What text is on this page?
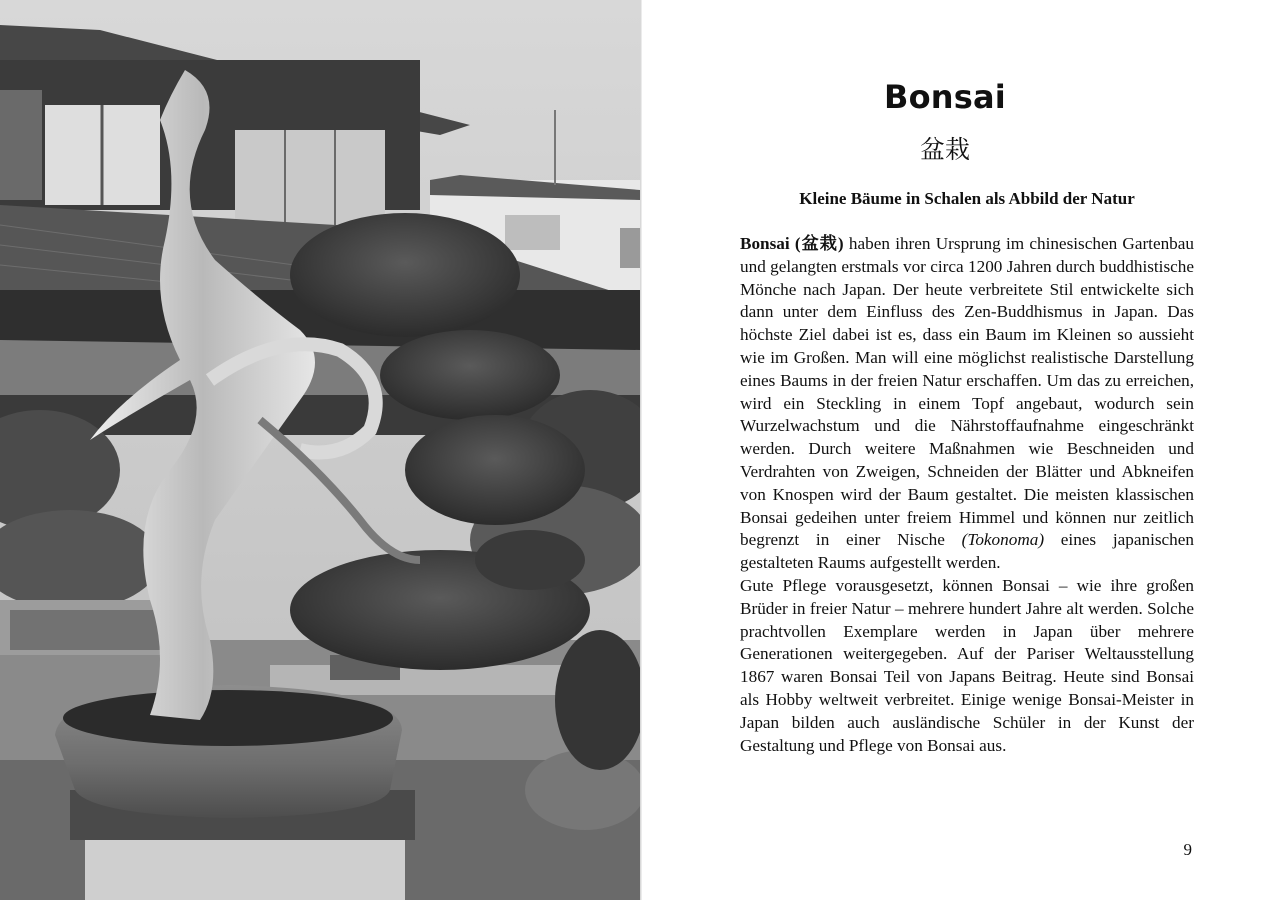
Bonsai
盆栽
Kleine Bäume in Schalen als Abbild der Natur

Bonsai (盆栽) haben ihren Ursprung im chinesischen Gartenbau und gelangten erstmals vor circa 1200 Jahren durch buddhistische Mönche nach Japan. Der heute verbreitete Stil entwickelte sich dann unter dem Einfluss des Zen-Buddhismus in Japan. Das höchste Ziel dabei ist es, dass ein Baum im Kleinen so aussieht wie im Großen. Man will eine möglichst realistische Darstellung eines Baums in der freien Natur erschaffen. Um das zu erreichen, wird ein Steckling in einem Topf angebaut, wodurch sein Wurzelwachstum und die Nährstoffaufnahme eingeschränkt werden. Durch weitere Maßnahmen wie Beschneiden und Verdrahten von Zweigen, Schneiden der Blätter und Abkneifen von Knospen wird der Baum gestaltet. Die meisten klassischen Bonsai gedeihen unter freiem Himmel und können nur zeitlich begrenzt in einer Nische (Tokonoma) eines japanischen gestalteten Raums aufgestellt werden.

Gute Pflege vorausgesetzt, können Bonsai – wie ihre großen Brüder in freier Natur – mehrere hundert Jahre alt werden. Solche prachtvollen Exemplare werden in Japan über mehrere Generationen weitergegeben. Auf der Pariser Weltausstellung 1867 waren Bonsai Teil von Japans Beitrag. Heute sind Bonsai als Hobby weltweit verbreitet. Einige wenige Bonsai-Meister in Japan bilden auch ausländische Schüler in der Kunst der Gestaltung und Pflege von Bonsai aus.

9
